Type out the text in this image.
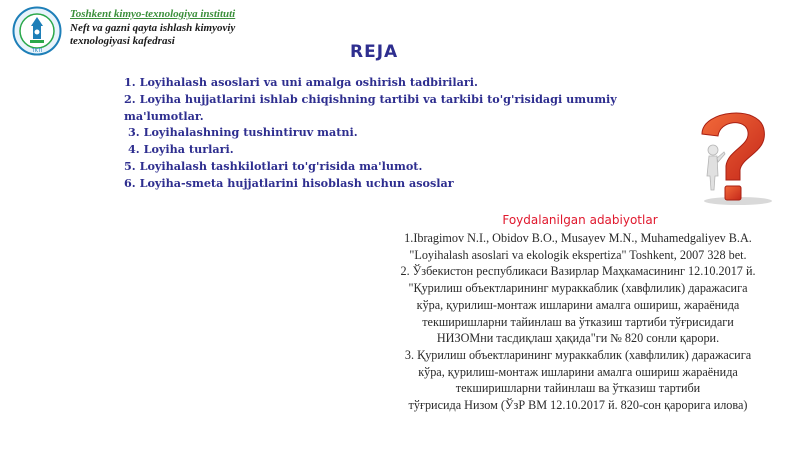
TKTI
Toshkent kimyo-texnologiya instituti
Neft va gazni qayta ishlash kimyoviy
texnologiyasi kafedrasi
REJA
1. Loyihalash asoslari va uni amalga oshirish tadbirilari.
2. Loyiha hujjatlarini ishlab chiqishning tartibi va tarkibi to'g'risidagi umumiy
ma'lumotlar.
3. Loyihalashning tushintiruv matni.
4. Loyiha turlari.
5. Loyihalash tashkilotlari to'g'risida ma'lumot.
6. Loyiha-smeta hujjatlarini hisoblash uchun asoslar
Foydalanilgan adabiyotlar
1.Ibragimov N.I., Obidov B.O., Musayev M.N., Muhamedgaliyev B.A.
"Loyihalash asoslari va ekologik ekspertiza" Toshkent, 2007 328 bet.
2. Ўзбекистон республикаси Вазирлар Маҳкамасининг 12.10.2017 й.
"Қурилиш объектларининг мураккаблик (хавфлилик) даражасига
кўра, қурилиш-монтаж ишларини амалга ошириш, жараёнида
текширишларни тайинлаш ва ўтказиш тартиби тўғрисидаги
НИЗОМни тасдиқлаш ҳақида"ги № 820 сонли қарори.
3. Қурилиш объектларининг мураккаблик (хавфлилик) даражасига
кўра, қурилиш-монтаж ишларини амалга ошириш жараёнида
текширишларни тайинлаш ва ўтказиш тартиби
тўғрисида Низом (ЎзР ВМ 12.10.2017 й. 820-сон қарорига илова)
